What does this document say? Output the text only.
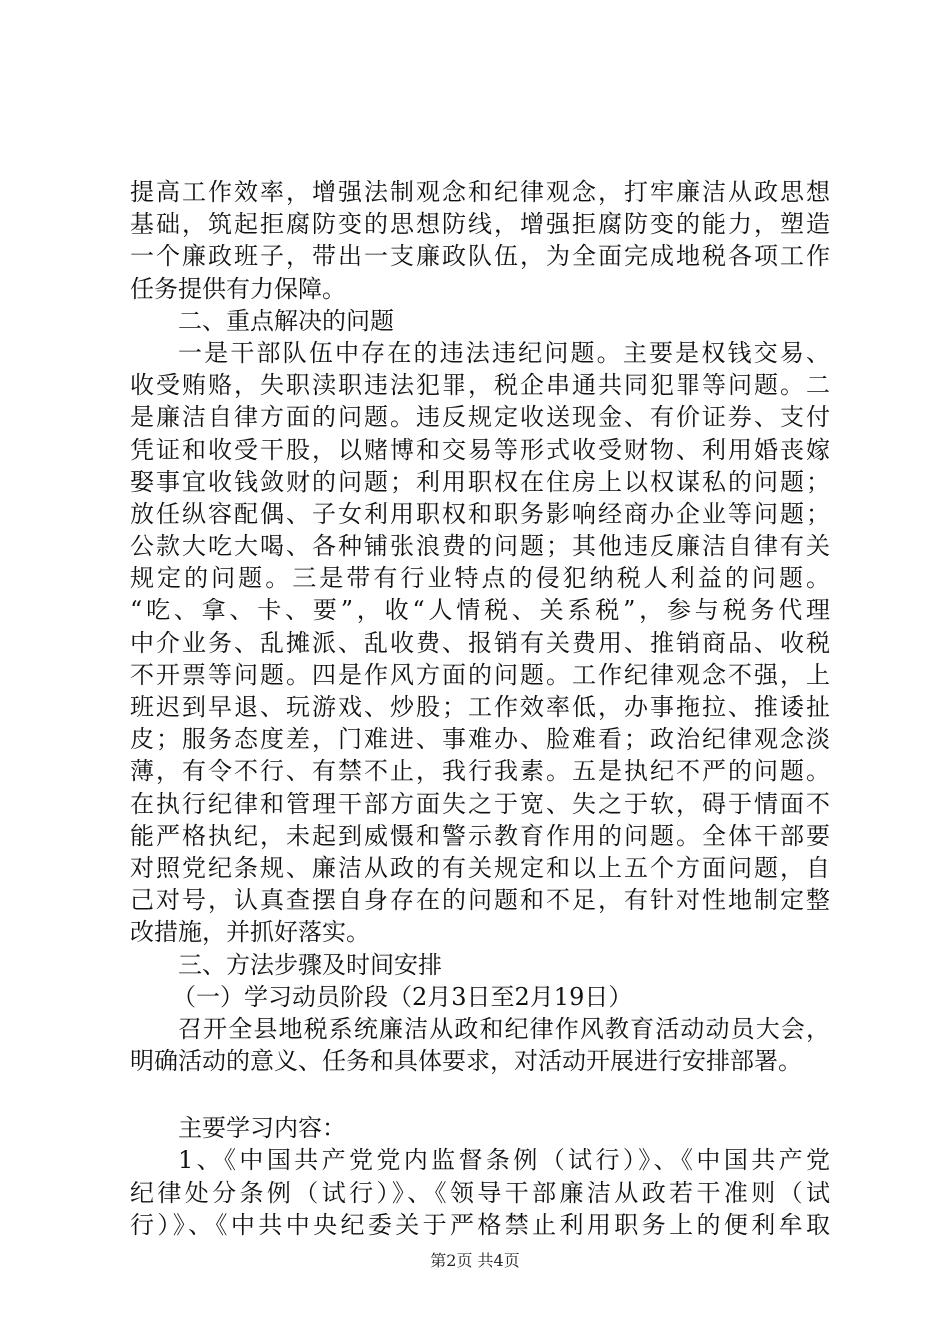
提高工作效率，增强法制观念和纪律观念，打牢廉洁从政思想
基础，筑起拒腐防变的思想防线，增强拒腐防变的能力，塑造
一个廉政班子，带出一支廉政队伍，为全面完成地税各项工作
任务提供有力保障。
二、重点解决的问题
一是干部队伍中存在的违法违纪问题。主要是权钱交易、
收受贿赂，失职渎职违法犯罪，税企串通共同犯罪等问题。二
是廉洁自律方面的问题。违反规定收送现金、有价证券、支付
凭证和收受干股，以赌博和交易等形式收受财物、利用婚丧嫁
娶事宜收钱敛财的问题；利用职权在住房上以权谋私的问题；
放任纵容配偶、子女利用职权和职务影响经商办企业等问题；
公款大吃大喝、各种铺张浪费的问题；其他违反廉洁自律有关
规定的问题。三是带有行业特点的侵犯纳税人利益的问题。
“吃、拿、卡、要”，收“人情税、关系税”，参与税务代理
中介业务、乱摊派、乱收费、报销有关费用、推销商品、收税
不开票等问题。四是作风方面的问题。工作纪律观念不强，上
班迟到早退、玩游戏、炒股；工作效率低，办事拖拉、推诿扯
皮；服务态度差，门难进、事难办、脸难看；政治纪律观念淡
薄，有令不行、有禁不止，我行我素。五是执纪不严的问题。
在执行纪律和管理干部方面失之于宽、失之于软，碍于情面不
能严格执纪，未起到威慑和警示教育作用的问题。全体干部要
对照党纪条规、廉洁从政的有关规定和以上五个方面问题，自
己对号，认真查摆自身存在的问题和不足，有针对性地制定整
改措施，并抓好落实。
三、方法步骤及时间安排
（一）学习动员阶段（2月3日至2月19日）
召开全县地税系统廉洁从政和纪律作风教育活动动员大会，
明确活动的意义、任务和具体要求，对活动开展进行安排部署。
主要学习内容：
1、《中国共产党党内监督条例（试行）》、《中国共产党
纪律处分条例（试行）》、《领导干部廉洁从政若干准则（试
行）》、《中共中央纪委关于严格禁止利用职务上的便利牟取
第2页 共4页
